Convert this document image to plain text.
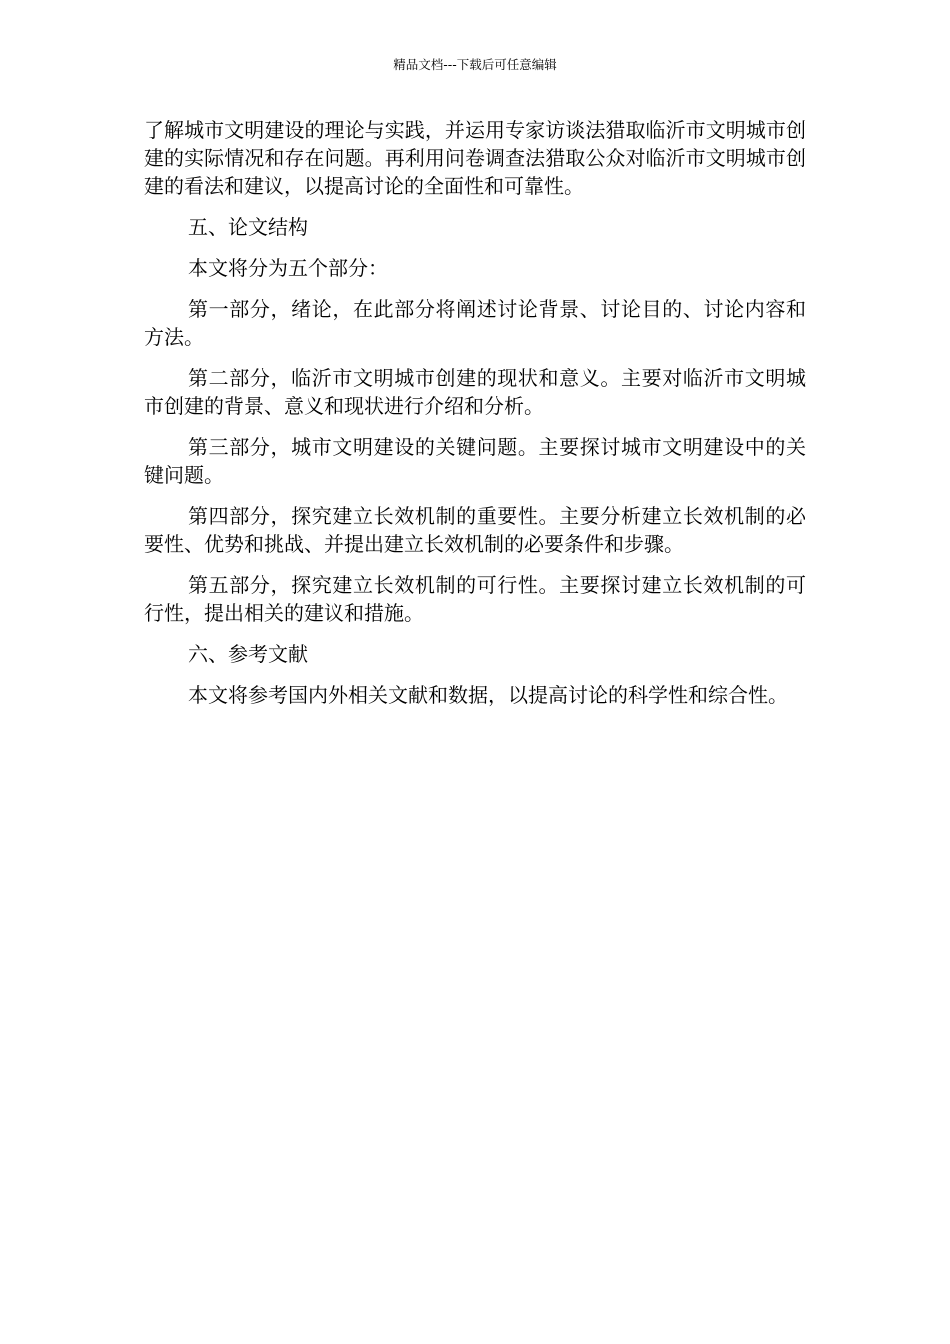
精品文档---下载后可任意编辑

了解城市文明建设的理论与实践，并运用专家访谈法猎取临沂市文明城市创建的实际情况和存在问题。再利用问卷调查法猎取公众对临沂市文明城市创建的看法和建议，以提高讨论的全面性和可靠性。

五、论文结构

本文将分为五个部分：

第一部分，绪论，在此部分将阐述讨论背景、讨论目的、讨论内容和方法。

第二部分，临沂市文明城市创建的现状和意义。主要对临沂市文明城市创建的背景、意义和现状进行介绍和分析。

第三部分，城市文明建设的关键问题。主要探讨城市文明建设中的关键问题。

第四部分，探究建立长效机制的重要性。主要分析建立长效机制的必要性、优势和挑战、并提出建立长效机制的必要条件和步骤。

第五部分，探究建立长效机制的可行性。主要探讨建立长效机制的可行性，提出相关的建议和措施。

六、参考文献

本文将参考国内外相关文献和数据，以提高讨论的科学性和综合性。
